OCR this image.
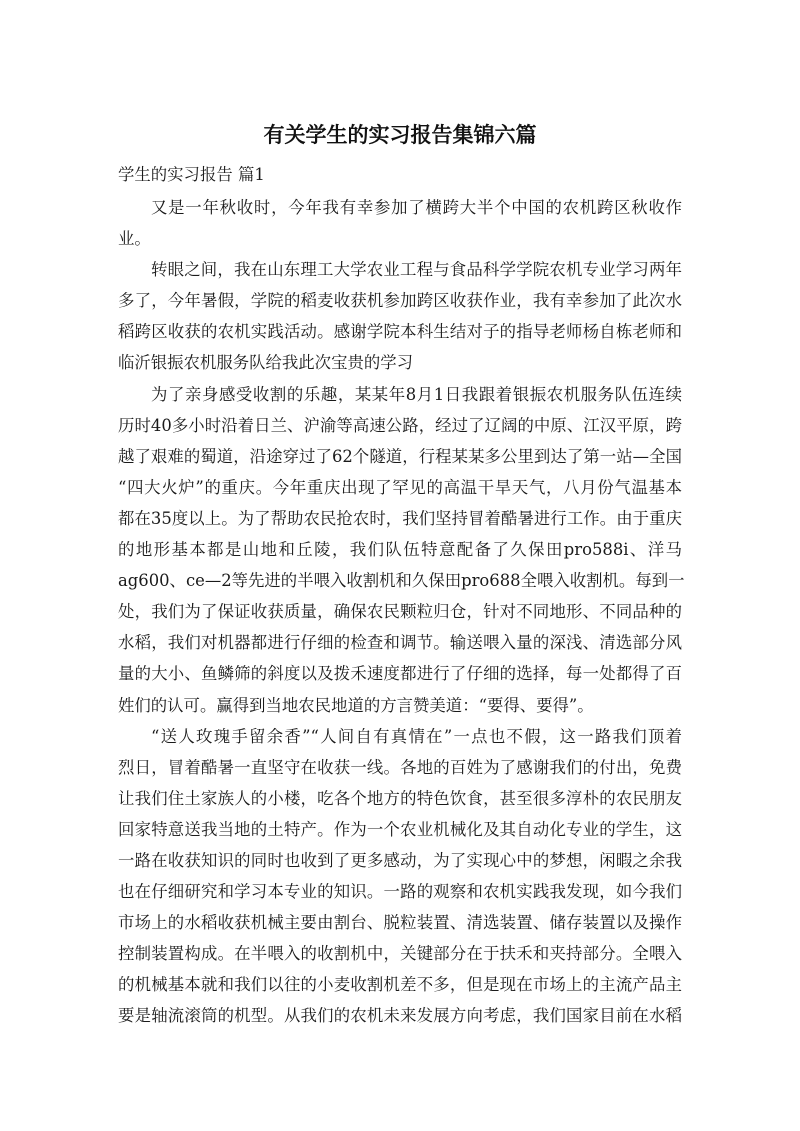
有关学生的实习报告集锦六篇

学生的实习报告 篇1

又是一年秋收时，今年我有幸参加了横跨大半个中国的农机跨区秋收作
业。
转眼之间，我在山东理工大学农业工程与食品科学学院农机专业学习两年
多了，今年暑假，学院的稻麦收获机参加跨区收获作业，我有幸参加了此次水
稻跨区收获的农机实践活动。感谢学院本科生结对子的指导老师杨自栋老师和
临沂银振农机服务队给我此次宝贵的学习
为了亲身感受收割的乐趣，某某年8月1日我跟着银振农机服务队伍连续
历时40多小时沿着日兰、沪渝等高速公路，经过了辽阔的中原、江汉平原，跨
越了艰难的蜀道，沿途穿过了62个隧道，行程某某多公里到达了第一站—全国
“四大火炉”的重庆。今年重庆出现了罕见的高温干旱天气，八月份气温基本
都在35度以上。为了帮助农民抢农时，我们坚持冒着酷暑进行工作。由于重庆
的地形基本都是山地和丘陵，我们队伍特意配备了久保田pro588i、洋马
ag600、ce—2等先进的半喂入收割机和久保田pro688全喂入收割机。每到一
处，我们为了保证收获质量，确保农民颗粒归仓，针对不同地形、不同品种的
水稻，我们对机器都进行仔细的检查和调节。输送喂入量的深浅、清选部分风
量的大小、鱼鳞筛的斜度以及拨禾速度都进行了仔细的选择，每一处都得了百
姓们的认可。赢得到当地农民地道的方言赞美道：“要得、要得”。
“送人玫瑰手留余香”“人间自有真情在”一点也不假，这一路我们顶着
烈日，冒着酷暑一直坚守在收获一线。各地的百姓为了感谢我们的付出，免费
让我们住土家族人的小楼，吃各个地方的特色饮食，甚至很多淳朴的农民朋友
回家特意送我当地的土特产。作为一个农业机械化及其自动化专业的学生，这
一路在收获知识的同时也收到了更多感动，为了实现心中的梦想，闲暇之余我
也在仔细研究和学习本专业的知识。一路的观察和农机实践我发现，如今我们
市场上的水稻收获机械主要由割台、脱粒装置、清选装置、储存装置以及操作
控制装置构成。在半喂入的收割机中，关键部分在于扶禾和夹持部分。全喂入
的机械基本就和我们以往的小麦收割机差不多，但是现在市场上的主流产品主
要是轴流滚筒的机型。从我们的农机未来发展方向考虑，我们国家目前在水稻
